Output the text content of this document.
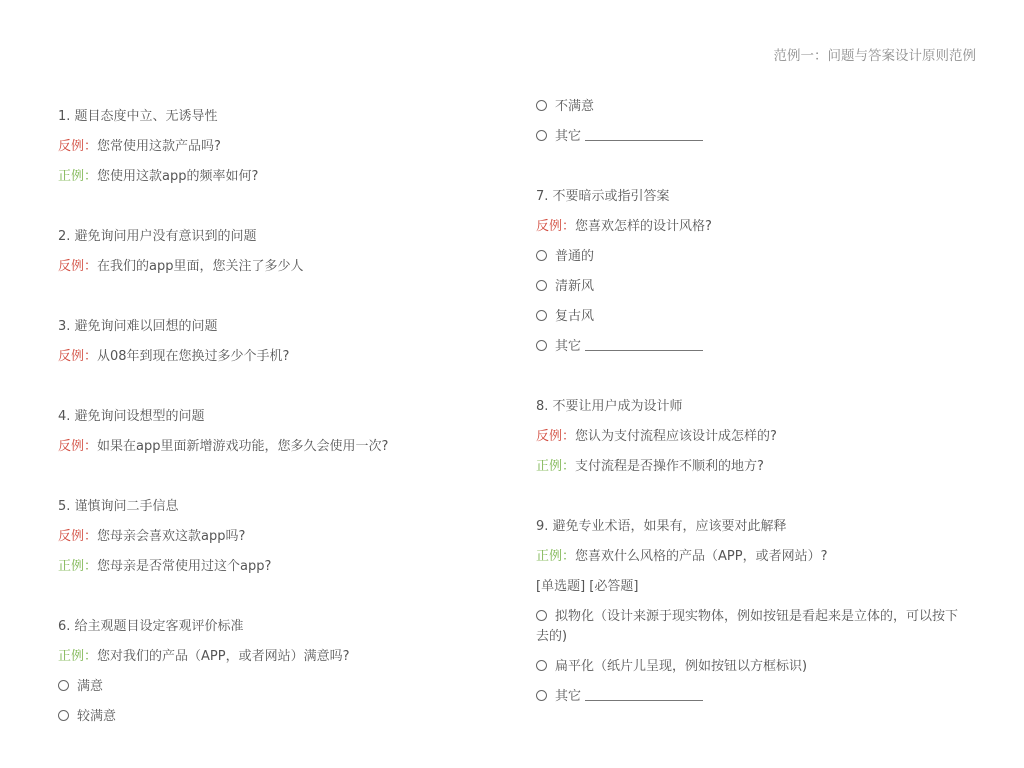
范例一：问题与答案设计原则范例
1. 题目态度中立、无诱导性
反例：您常使用这款产品吗?
正例：您使用这款app的频率如何?
2. 避免询问用户没有意识到的问题
反例：在我们的app里面，您关注了多少人
3. 避免询问难以回想的问题
反例：从08年到现在您换过多少个手机?
4. 避免询问设想型的问题
反例：如果在app里面新增游戏功能，您多久会使用一次?
5. 谨慎询问二手信息
反例：您母亲会喜欢这款app吗?
正例：您母亲是否常使用过这个app?
6. 给主观题目设定客观评价标准
正例：您对我们的产品（APP，或者网站）满意吗?
满意
较满意
不满意
其它
7. 不要暗示或指引答案
反例：您喜欢怎样的设计风格?
普通的
清新风
复古风
其它
8. 不要让用户成为设计师
反例：您认为支付流程应该设计成怎样的?
正例：支付流程是否操作不顺利的地方?
9. 避免专业术语，如果有，应该要对此解释
正例：您喜欢什么风格的产品（APP，或者网站）?
[单选题] [必答题]
拟物化（设计来源于现实物体，例如按钮是看起来是立体的，可以按下去的)
扁平化（纸片儿呈现，例如按钮以方框标识)
其它
